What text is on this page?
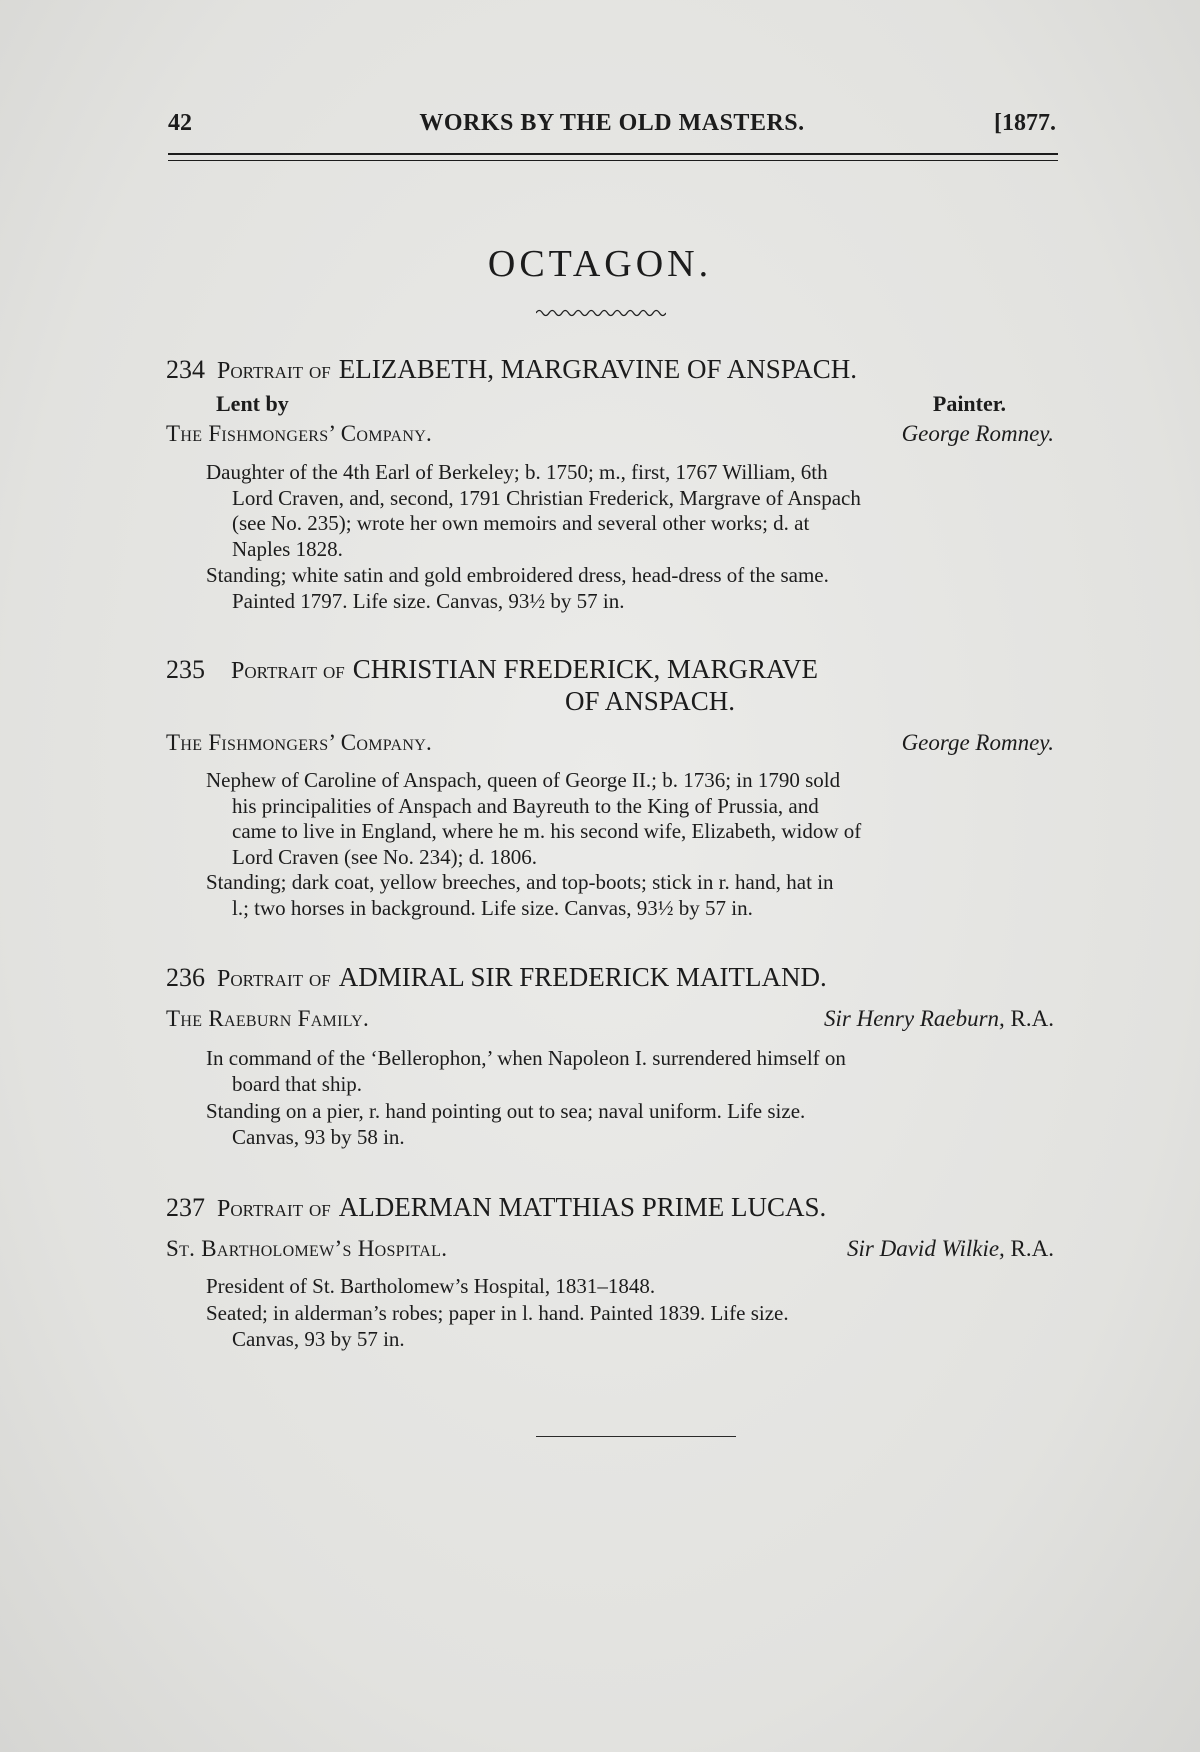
42	WORKS BY THE OLD MASTERS.	[1877.
OCTAGON.
234 Portrait of ELIZABETH, MARGRAVINE OF ANSPACH.
Lent by	Painter.
The Fishmongers’ Company.	George Romney.
Daughter of the 4th Earl of Berkeley; b. 1750; m., first, 1767 William, 6th
Lord Craven, and, second, 1791 Christian Frederick, Margrave of Anspach
(see No. 235); wrote her own memoirs and several other works; d. at
Naples 1828.
Standing; white satin and gold embroidered dress, head-dress of the same.
Painted 1797. Life size. Canvas, 93½ by 57 in.
235 Portrait of CHRISTIAN FREDERICK, MARGRAVE
OF ANSPACH.
The Fishmongers’ Company.	George Romney.
Nephew of Caroline of Anspach, queen of George II.; b. 1736; in 1790 sold
his principalities of Anspach and Bayreuth to the King of Prussia, and
came to live in England, where he m. his second wife, Elizabeth, widow of
Lord Craven (see No. 234); d. 1806.
Standing; dark coat, yellow breeches, and top-boots; stick in r. hand, hat in
l.; two horses in background. Life size. Canvas, 93½ by 57 in.
236 Portrait of ADMIRAL SIR FREDERICK MAITLAND.
The Raeburn Family.	Sir Henry Raeburn, R.A.
In command of the ‘Bellerophon,’ when Napoleon I. surrendered himself on
board that ship.
Standing on a pier, r. hand pointing out to sea; naval uniform. Life size.
Canvas, 93 by 58 in.
237 Portrait of ALDERMAN MATTHIAS PRIME LUCAS.
St. Bartholomew’s Hospital.	Sir David Wilkie, R.A.
President of St. Bartholomew’s Hospital, 1831–1848.
Seated; in alderman’s robes; paper in l. hand. Painted 1839. Life size.
Canvas, 93 by 57 in.
